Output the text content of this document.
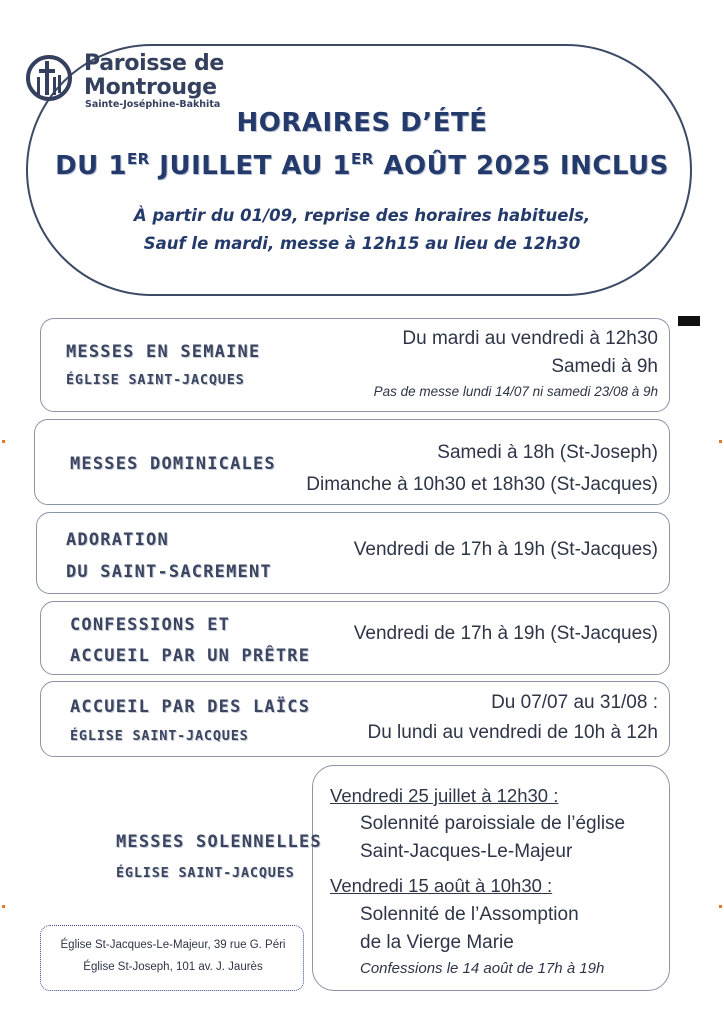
Paroisse de
Montrouge
Sainte-Joséphine-Bakhita
HORAIRES D’ÉTÉ
DU 1ER JUILLET AU 1ER AOÛT 2025 INCLUS
À partir du 01/09, reprise des horaires habituels,
Sauf le mardi, messe à 12h15 au lieu de 12h30
MESSES EN SEMAINE
ÉGLISE SAINT-JACQUES
Du mardi au vendredi à 12h30
Samedi à 9h
Pas de messe lundi 14/07 ni samedi 23/08 à 9h
MESSES DOMINICALES
Samedi à 18h (St-Joseph)
Dimanche à 10h30 et 18h30 (St-Jacques)
ADORATION
DU SAINT-SACREMENT
Vendredi de 17h à 19h (St-Jacques)
CONFESSIONS ET
ACCUEIL PAR UN PRÊTRE
Vendredi de 17h à 19h (St-Jacques)
ACCUEIL PAR DES LAÏCS
ÉGLISE SAINT-JACQUES
Du 07/07 au 31/08 :
Du lundi au vendredi de 10h à 12h
MESSES SOLENNELLES
ÉGLISE SAINT-JACQUES
Vendredi 25 juillet à 12h30 :
Solennité paroissiale de l’église
Saint-Jacques-Le-Majeur
Vendredi 15 août à 10h30 :
Solennité de l’Assomption
de la Vierge Marie
Confessions le 14 août de 17h à 19h
Église St-Jacques-Le-Majeur, 39 rue G. Péri
Église St-Joseph, 101 av. J. Jaurès
